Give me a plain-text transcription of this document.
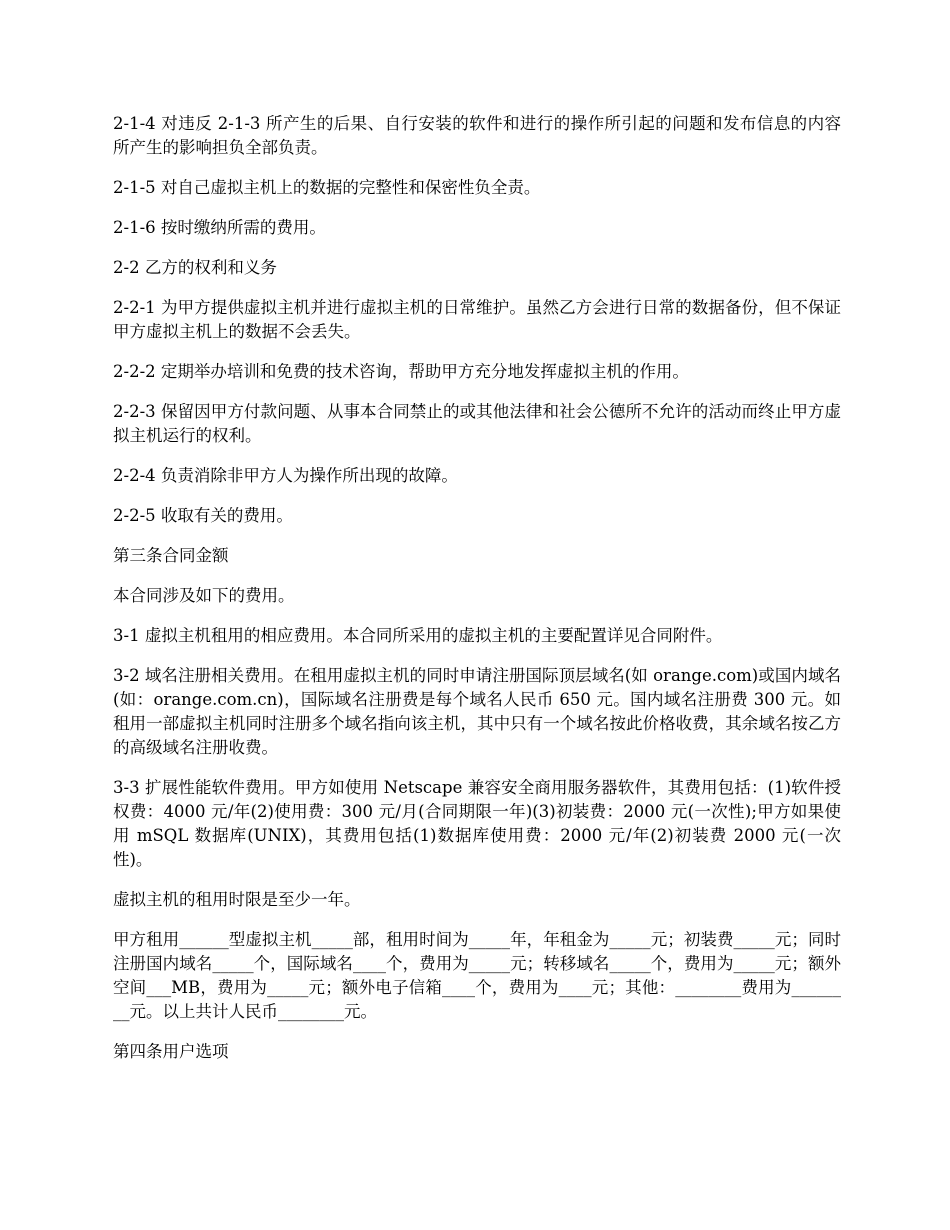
2-1-4 对违反 2-1-3 所产生的后果、自行安装的软件和进行的操作所引起的问题和发布信息的内容所产生的影响担负全部负责。

2-1-5 对自己虚拟主机上的数据的完整性和保密性负全责。

2-1-6 按时缴纳所需的费用。

2-2 乙方的权利和义务

2-2-1 为甲方提供虚拟主机并进行虚拟主机的日常维护。虽然乙方会进行日常的数据备份，但不保证甲方虚拟主机上的数据不会丢失。

2-2-2 定期举办培训和免费的技术咨询，帮助甲方充分地发挥虚拟主机的作用。

2-2-3 保留因甲方付款问题、从事本合同禁止的或其他法律和社会公德所不允许的活动而终止甲方虚拟主机运行的权利。

2-2-4 负责消除非甲方人为操作所出现的故障。

2-2-5 收取有关的费用。

第三条合同金额

本合同涉及如下的费用。

3-1 虚拟主机租用的相应费用。本合同所采用的虚拟主机的主要配置详见合同附件。

3-2 域名注册相关费用。在租用虚拟主机的同时申请注册国际顶层域名(如 orange.com)或国内域名(如：orange.com.cn)，国际域名注册费是每个域名人民币 650 元。国内域名注册费 300 元。如租用一部虚拟主机同时注册多个域名指向该主机，其中只有一个域名按此价格收费，其余域名按乙方的高级域名注册收费。

3-3 扩展性能软件费用。甲方如使用 Netscape 兼容安全商用服务器软件，其费用包括：(1)软件授权费：4000 元/年(2)使用费：300 元/月(合同期限一年)(3)初装费：2000 元(一次性);甲方如果使用 mSQL 数据库(UNIX)，其费用包括(1)数据库使用费：2000 元/年(2)初装费 2000 元(一次性)。

虚拟主机的租用时限是至少一年。

甲方租用______型虚拟主机_____部，租用时间为_____年，年租金为_____元；初装费_____元；同时注册国内域名_____个，国际域名____个，费用为_____元；转移域名_____个，费用为_____元；额外空间___MB，费用为_____元；额外电子信箱____个，费用为____元；其他：________费用为________元。以上共计人民币________元。

第四条用户选项
